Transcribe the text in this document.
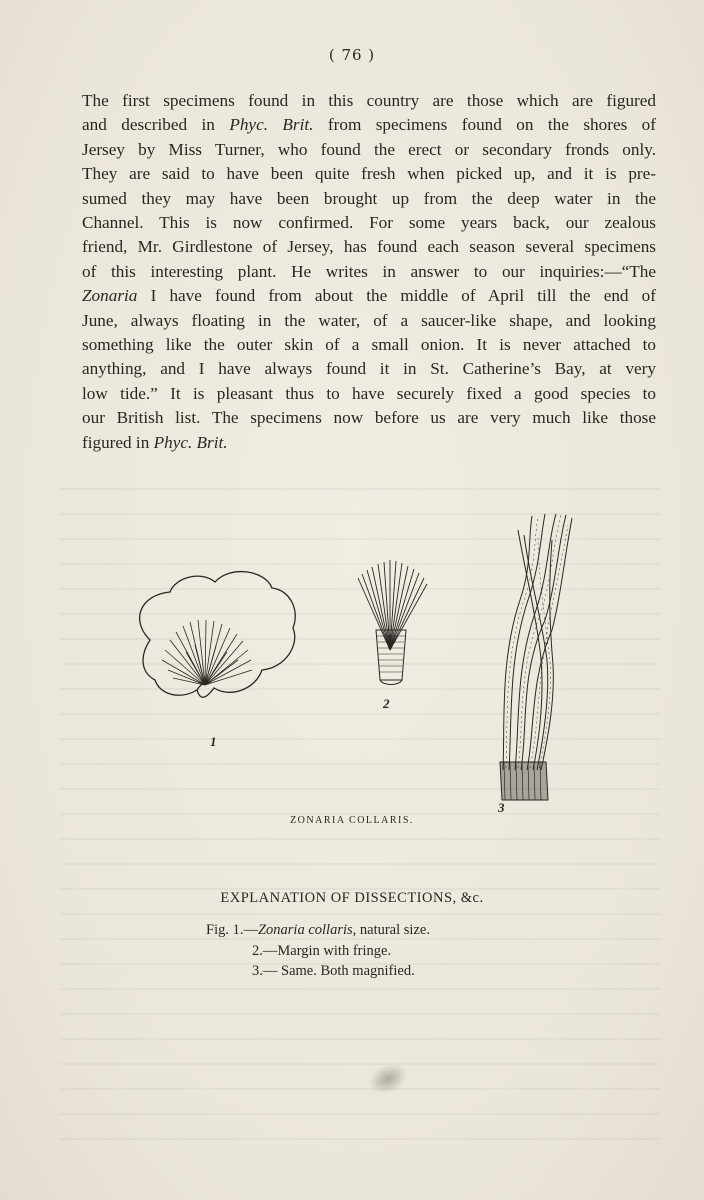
( 76 )
The first specimens found in this country are those which are figured
and described in Phyc. Brit. from specimens found on the shores of
Jersey by Miss Turner, who found the erect or secondary fronds only.
They are said to have been quite fresh when picked up, and it is pre-
sumed they may have been brought up from the deep water in the
Channel. This is now confirmed. For some years back, our zealous
friend, Mr. Girdlestone of Jersey, has found each season several specimens
of this interesting plant. He writes in answer to our inquiries:—“The
Zonaria I have found from about the middle of April till the end of
June, always floating in the water, of a saucer-like shape, and looking
something like the outer skin of a small onion. It is never attached to
anything, and I have always found it in St. Catherine’s Bay, at very
low tide.” It is pleasant thus to have securely fixed a good species to
our British list. The specimens now before us are very much like those
figured in Phyc. Brit.
1
2
3
ZONARIA COLLARIS.
EXPLANATION OF DISSECTIONS, &c.
Fig. 1.—Zonaria collaris, natural size.
2.—Margin with fringe.
3.— Same. Both magnified.
